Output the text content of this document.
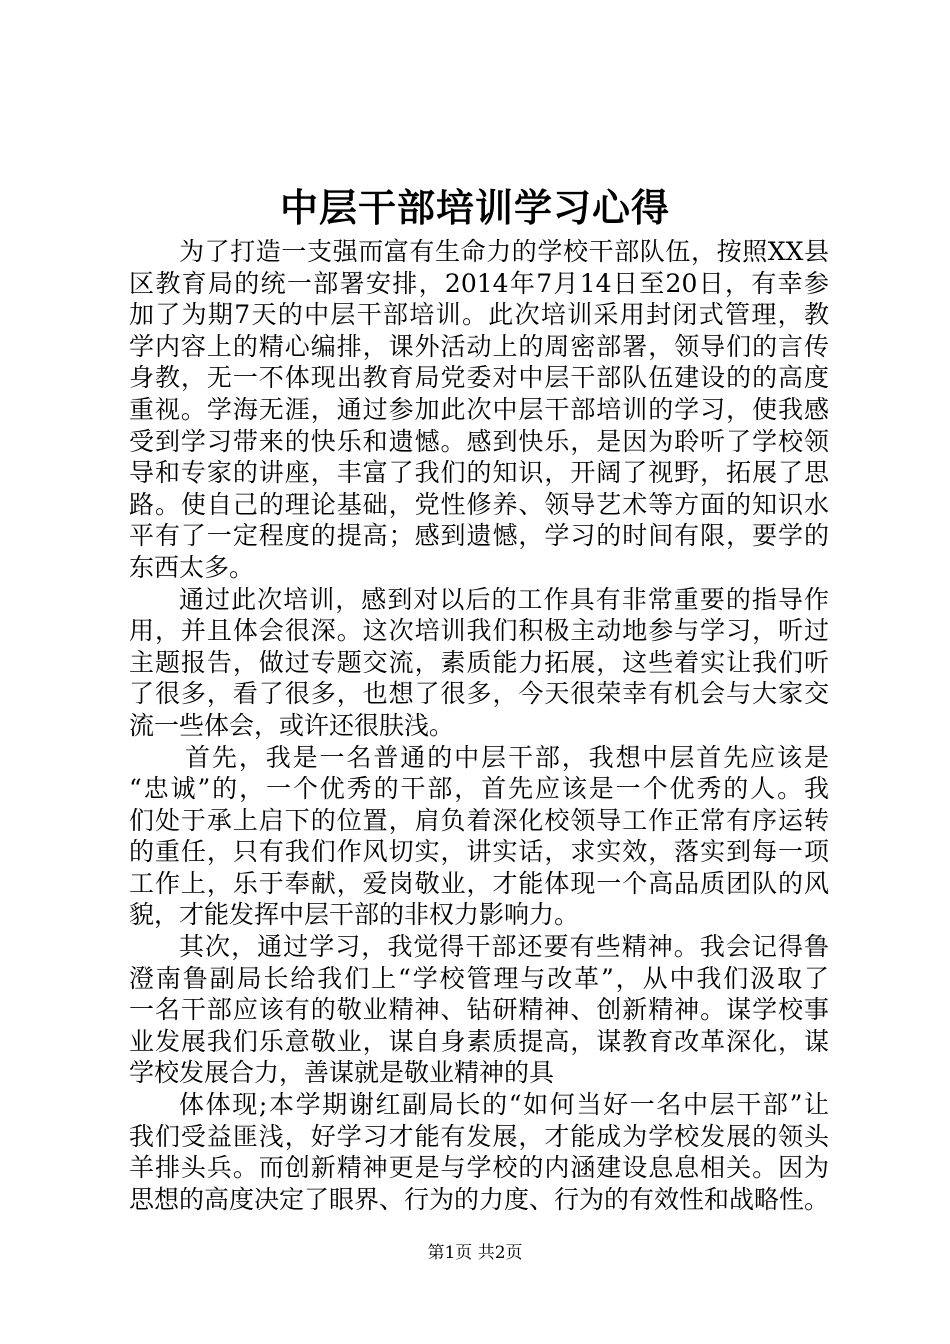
中层干部培训学习心得
为了打造一支强而富有生命力的学校干部队伍，按照XX县
区教育局的统一部署安排，2014年7月14日至20日，有幸参
加了为期7天的中层干部培训。此次培训采用封闭式管理，教
学内容上的精心编排，课外活动上的周密部署，领导们的言传
身教，无一不体现出教育局党委对中层干部队伍建设的的高度
重视。学海无涯，通过参加此次中层干部培训的学习，使我感
受到学习带来的快乐和遗憾。感到快乐，是因为聆听了学校领
导和专家的讲座，丰富了我们的知识，开阔了视野，拓展了思
路。使自己的理论基础，党性修养、领导艺术等方面的知识水
平有了一定程度的提高；感到遗憾，学习的时间有限，要学的
东西太多。
通过此次培训，感到对以后的工作具有非常重要的指导作
用，并且体会很深。这次培训我们积极主动地参与学习，听过
主题报告，做过专题交流，素质能力拓展，这些着实让我们听
了很多，看了很多，也想了很多，今天很荣幸有机会与大家交
流一些体会，或许还很肤浅。
首先，我是一名普通的中层干部，我想中层首先应该是
“忠诚”的，一个优秀的干部，首先应该是一个优秀的人。我
们处于承上启下的位置，肩负着深化校领导工作正常有序运转
的重任，只有我们作风切实，讲实话，求实效，落实到每一项
工作上，乐于奉献，爱岗敬业，才能体现一个高品质团队的风
貌，才能发挥中层干部的非权力影响力。
其次，通过学习，我觉得干部还要有些精神。我会记得鲁
澄南鲁副局长给我们上“学校管理与改革”，从中我们汲取了
一名干部应该有的敬业精神、钻研精神、创新精神。谋学校事
业发展我们乐意敬业，谋自身素质提高，谋教育改革深化，谋
学校发展合力，善谋就是敬业精神的具
体体现;本学期谢红副局长的“如何当好一名中层干部”让
我们受益匪浅，好学习才能有发展，才能成为学校发展的领头
羊排头兵。而创新精神更是与学校的内涵建设息息相关。因为
思想的高度决定了眼界、行为的力度、行为的有效性和战略性。
第1页 共2页
